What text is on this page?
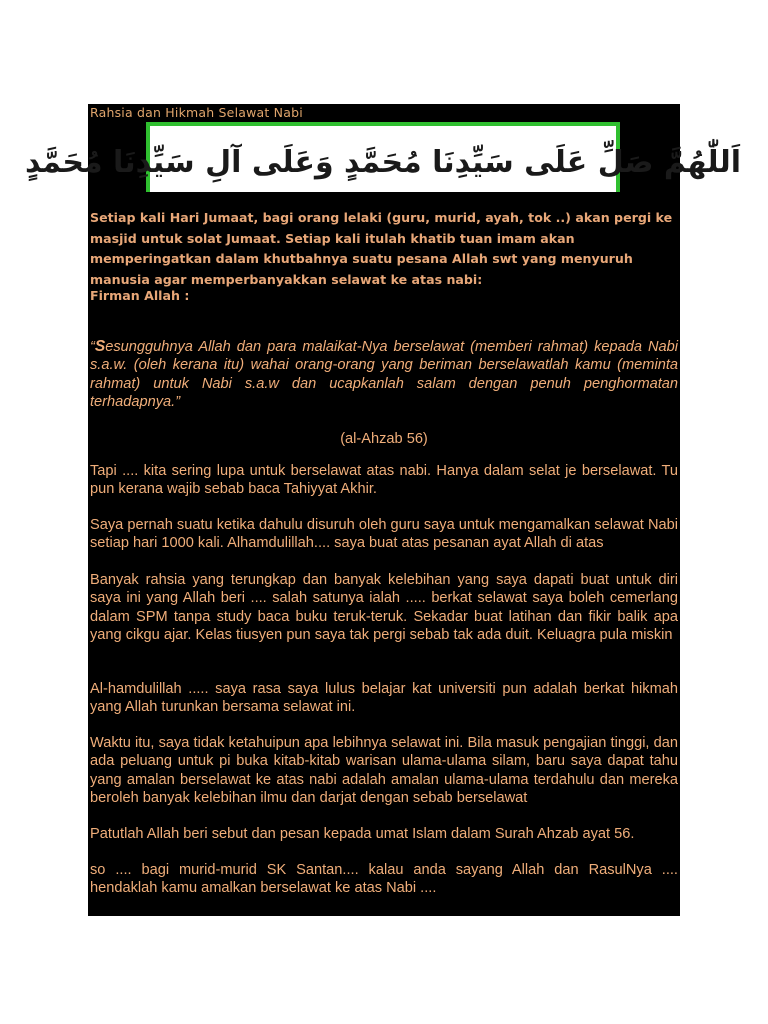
Rahsia dan Hikmah Selawat Nabi
اَللّٰهُمَّ صَلِّ عَلَى سَيِّدِنَا مُحَمَّدٍ وَعَلَى آلِ سَيِّدِنَا مُحَمَّدٍ

Setiap kali Hari Jumaat, bagi orang lelaki (guru, murid, ayah, tok ..) akan pergi ke masjid untuk solat Jumaat. Setiap kali itulah khatib tuan imam akan memperingatkan dalam khutbahnya suatu pesana Allah swt yang menyuruh manusia agar memperbanyakkan selawat ke atas nabi:

Firman Allah :

“Sesungguhnya Allah dan para malaikat-Nya berselawat (memberi rahmat) kepada Nabi s.a.w. (oleh kerana itu) wahai orang-orang yang beriman berselawatlah kamu (meminta rahmat) untuk Nabi s.a.w dan ucapkanlah salam dengan penuh penghormatan terhadapnya.”

(al-Ahzab 56)

Tapi .... kita sering lupa untuk berselawat atas nabi. Hanya dalam selat je berselawat. Tu pun kerana wajib sebab baca Tahiyyat Akhir.

Saya pernah suatu ketika dahulu disuruh oleh guru saya untuk mengamalkan selawat Nabi setiap hari 1000 kali. Alhamdulillah.... saya buat atas pesanan ayat Allah di atas

Banyak rahsia yang terungkap dan banyak kelebihan yang saya dapati buat untuk diri saya ini yang Allah beri .... salah satunya ialah ..... berkat selawat saya boleh cemerlang dalam SPM tanpa study baca buku teruk-teruk. Sekadar buat latihan dan fikir balik apa yang cikgu ajar. Kelas tiusyen pun saya tak pergi sebab tak ada duit. Keluagra pula miskin

Al-hamdulillah ..... saya rasa saya lulus belajar kat universiti pun adalah berkat hikmah yang Allah turunkan bersama selawat ini.

Waktu itu, saya tidak ketahuipun apa lebihnya selawat ini. Bila masuk pengajian tinggi, dan ada peluang untuk pi buka kitab-kitab warisan ulama-ulama silam, baru saya dapat tahu yang amalan berselawat ke atas nabi adalah amalan ulama-ulama terdahulu dan mereka beroleh banyak kelebihan ilmu dan darjat dengan sebab berselawat

Patutlah Allah beri sebut dan pesan kepada umat Islam dalam Surah Ahzab ayat 56.

so .... bagi murid-murid SK Santan.... kalau anda sayang Allah dan RasulNya .... hendaklah kamu amalkan berselawat ke atas Nabi ....
